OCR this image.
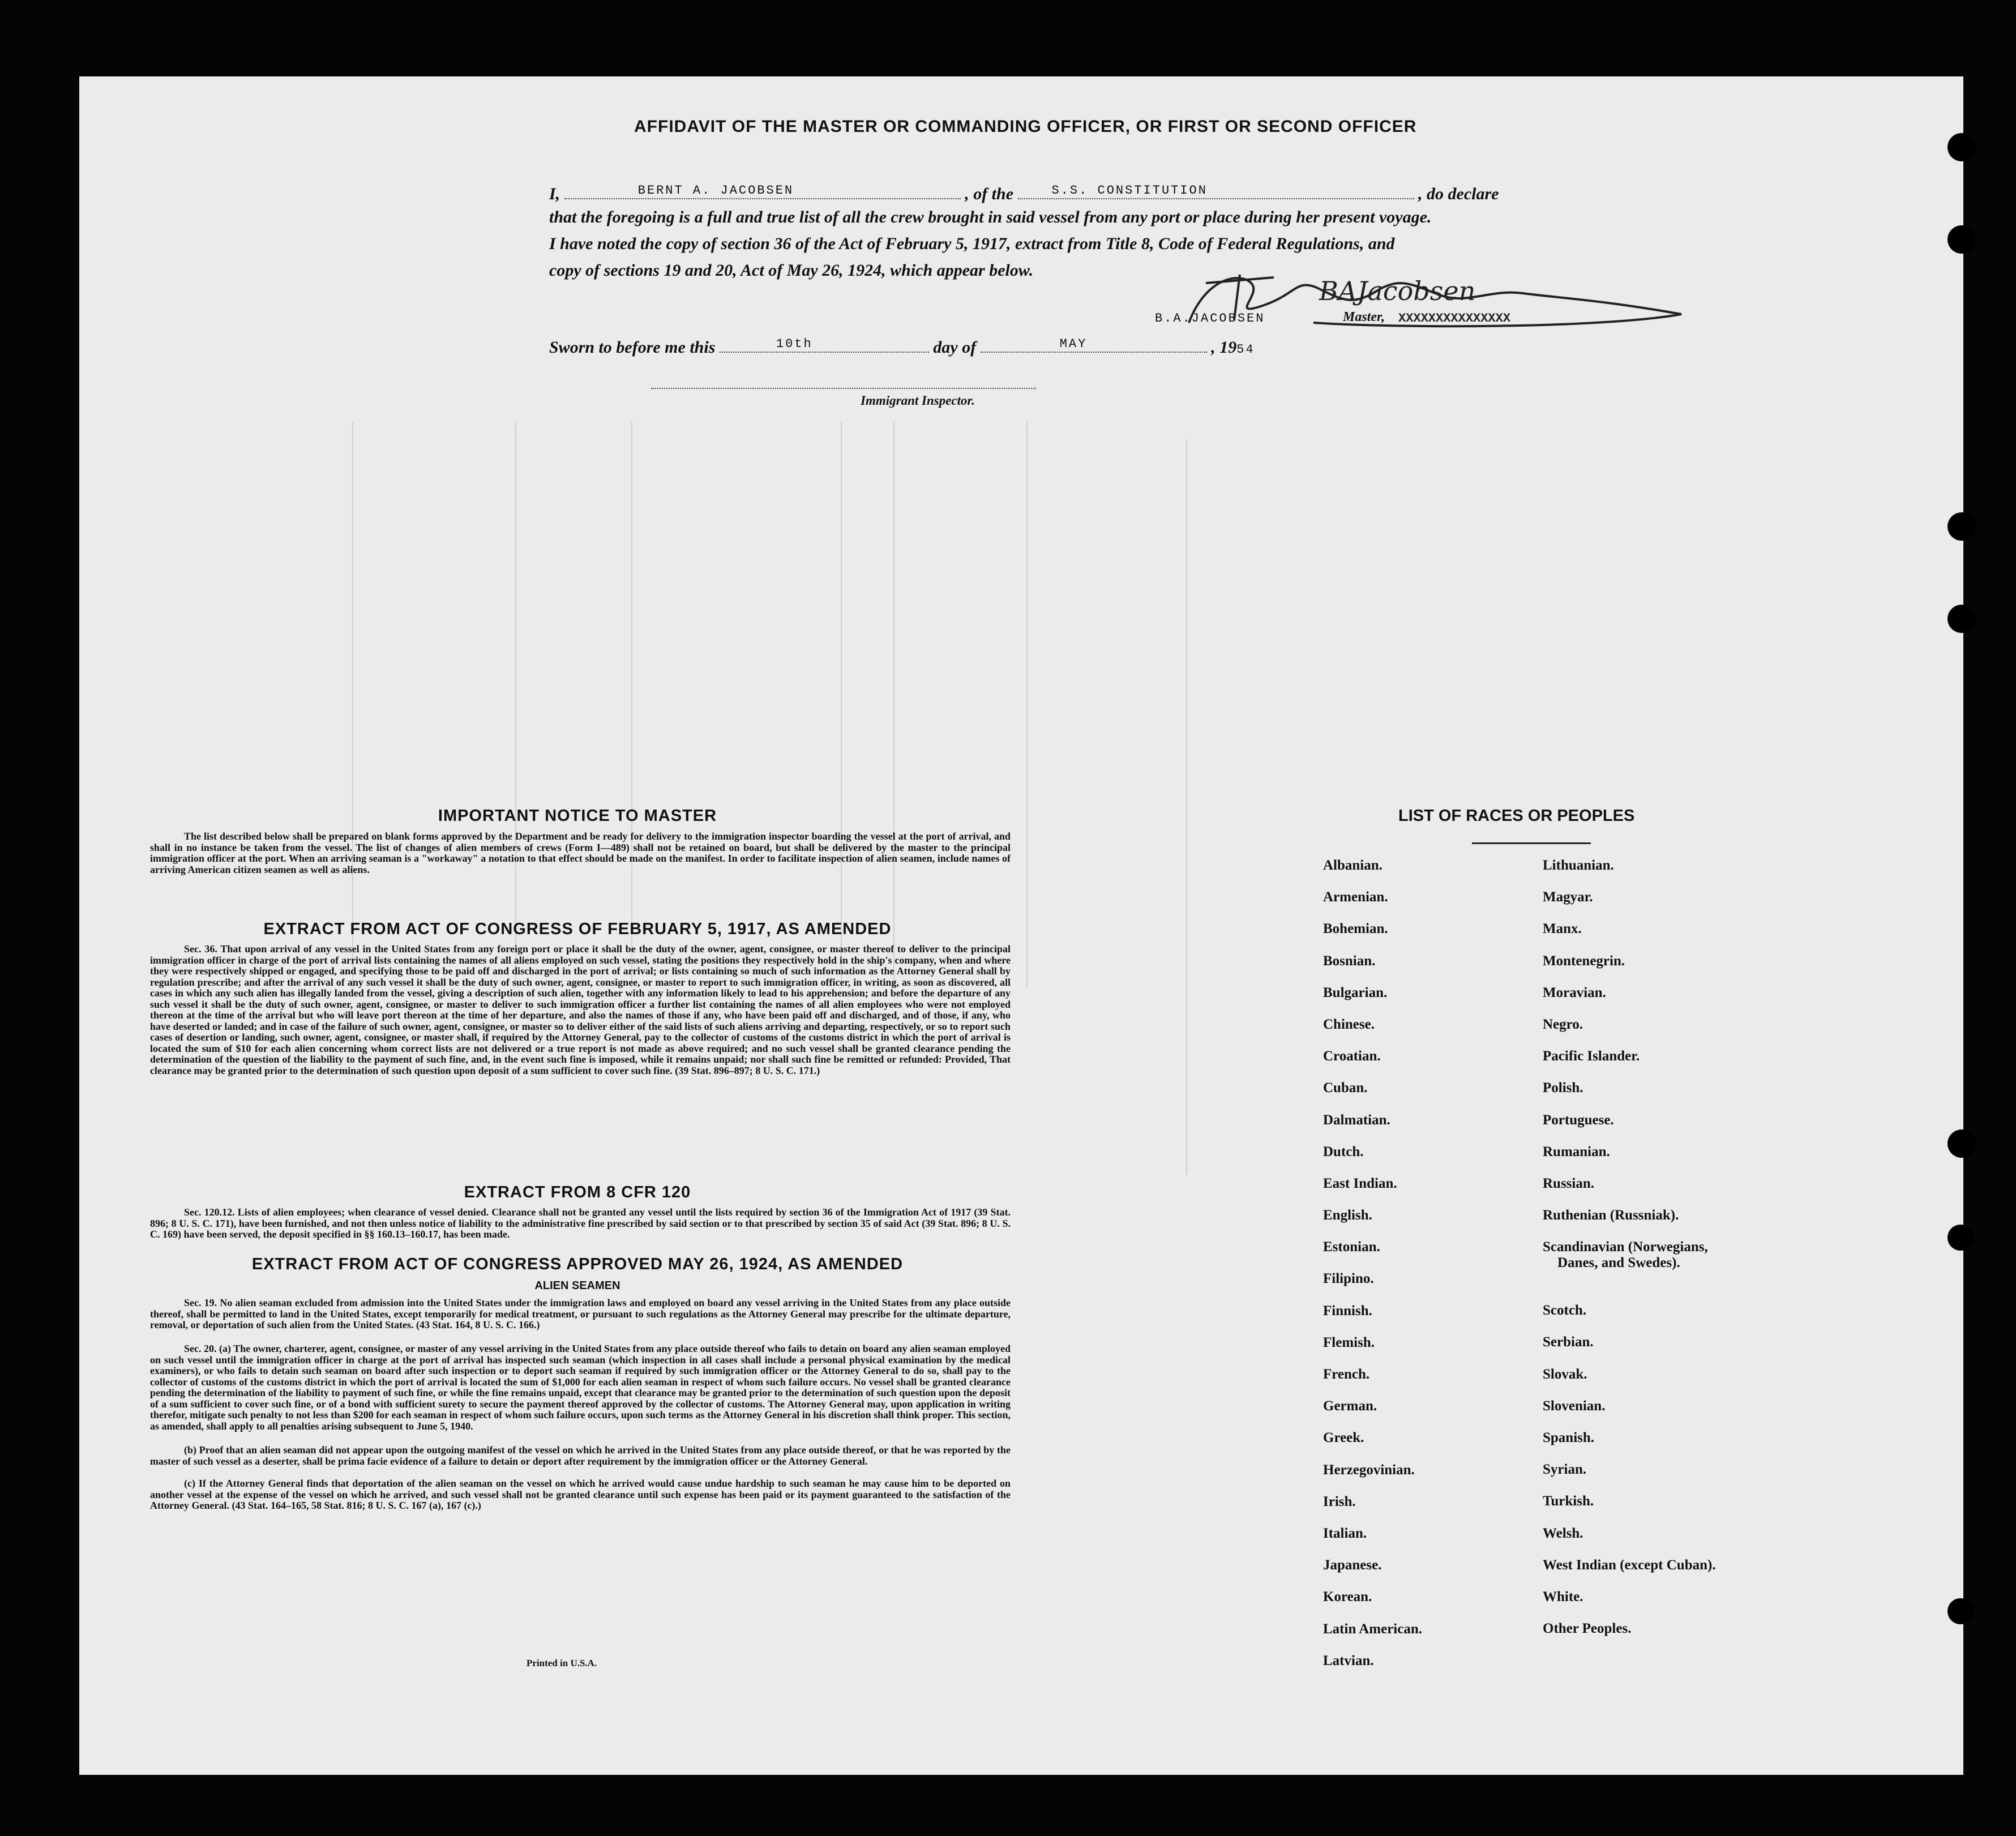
AFFIDAVIT OF THE MASTER OR COMMANDING OFFICER, OR FIRST OR SECOND OFFICER
I,	BERNT A. JACOBSEN	, of the	S.S. CONSTITUTION	, do declare
that the foregoing is a full and true list of all the crew brought in said vessel from any port or place during her present voyage.
I have noted the copy of section 36 of the Act of February 5, 1917, extract from Title 8, Code of Federal Regulations, and
copy of sections 19 and 20, Act of May 26, 1924, which appear below.
BAJacobsen
B.A.JACOBSEN	Master, XXXXXXXXXXXXXXX
Sworn to before me this	10th	day of	MAY	, 1954
Immigrant Inspector.
IMPORTANT NOTICE TO MASTER
The list described below shall be prepared on blank forms approved by the Department and be ready for delivery to the immigration inspector boarding the vessel at the port of arrival, and shall in no instance be taken from the vessel. The list of changes of alien members of crews (Form I—489) shall not be retained on board, but shall be delivered by the master to the principal immigration officer at the port. When an arriving seaman is a "workaway" a notation to that effect should be made on the manifest. In order to facilitate inspection of alien seamen, include names of arriving American citizen seamen as well as aliens.
EXTRACT FROM ACT OF CONGRESS OF FEBRUARY 5, 1917, AS AMENDED
Sec. 36. That upon arrival of any vessel in the United States from any foreign port or place it shall be the duty of the owner, agent, consignee, or master thereof to deliver to the principal immigration officer in charge of the port of arrival lists containing the names of all aliens employed on such vessel, stating the positions they respectively hold in the ship's company, when and where they were respectively shipped or engaged, and specifying those to be paid off and discharged in the port of arrival; or lists containing so much of such information as the Attorney General shall by regulation prescribe; and after the arrival of any such vessel it shall be the duty of such owner, agent, consignee, or master to report to such immigration officer, in writing, as soon as discovered, all cases in which any such alien has illegally landed from the vessel, giving a description of such alien, together with any information likely to lead to his apprehension; and before the departure of any such vessel it shall be the duty of such owner, agent, consignee, or master to deliver to such immigration officer a further list containing the names of all alien employees who were not employed thereon at the time of the arrival but who will leave port thereon at the time of her departure, and also the names of those if any, who have been paid off and discharged, and of those, if any, who have deserted or landed; and in case of the failure of such owner, agent, consignee, or master so to deliver either of the said lists of such aliens arriving and departing, respectively, or so to report such cases of desertion or landing, such owner, agent, consignee, or master shall, if required by the Attorney General, pay to the collector of customs of the customs district in which the port of arrival is located the sum of $10 for each alien concerning whom correct lists are not delivered or a true report is not made as above required; and no such vessel shall be granted clearance pending the determination of the question of the liability to the payment of such fine, and, in the event such fine is imposed, while it remains unpaid; nor shall such fine be remitted or refunded: Provided, That clearance may be granted prior to the determination of such question upon deposit of a sum sufficient to cover such fine. (39 Stat. 896–897; 8 U. S. C. 171.)
EXTRACT FROM 8 CFR 120
Sec. 120.12. Lists of alien employees; when clearance of vessel denied. Clearance shall not be granted any vessel until the lists required by section 36 of the Immigration Act of 1917 (39 Stat. 896; 8 U. S. C. 171), have been furnished, and not then unless notice of liability to the administrative fine prescribed by said section or to that prescribed by section 35 of said Act (39 Stat. 896; 8 U. S. C. 169) have been served, the deposit specified in §§ 160.13–160.17, has been made.
EXTRACT FROM ACT OF CONGRESS APPROVED MAY 26, 1924, AS AMENDED
ALIEN SEAMEN
Sec. 19. No alien seaman excluded from admission into the United States under the immigration laws and employed on board any vessel arriving in the United States from any place outside thereof, shall be permitted to land in the United States, except temporarily for medical treatment, or pursuant to such regulations as the Attorney General may prescribe for the ultimate departure, removal, or deportation of such alien from the United States. (43 Stat. 164, 8 U. S. C. 166.)
Sec. 20. (a) The owner, charterer, agent, consignee, or master of any vessel arriving in the United States from any place outside thereof who fails to detain on board any alien seaman employed on such vessel until the immigration officer in charge at the port of arrival has inspected such seaman (which inspection in all cases shall include a personal physical examination by the medical examiners), or who fails to detain such seaman on board after such inspection or to deport such seaman if required by such immigration officer or the Attorney General to do so, shall pay to the collector of customs of the customs district in which the port of arrival is located the sum of $1,000 for each alien seaman in respect of whom such failure occurs. No vessel shall be granted clearance pending the determination of the liability to payment of such fine, or while the fine remains unpaid, except that clearance may be granted prior to the determination of such question upon the deposit of a sum sufficient to cover such fine, or of a bond with sufficient surety to secure the payment thereof approved by the collector of customs. The Attorney General may, upon application in writing therefor, mitigate such penalty to not less than $200 for each seaman in respect of whom such failure occurs, upon such terms as the Attorney General in his discretion shall think proper. This section, as amended, shall apply to all penalties arising subsequent to June 5, 1940.
(b) Proof that an alien seaman did not appear upon the outgoing manifest of the vessel on which he arrived in the United States from any place outside thereof, or that he was reported by the master of such vessel as a deserter, shall be prima facie evidence of a failure to detain or deport after requirement by the immigration officer or the Attorney General.
(c) If the Attorney General finds that deportation of the alien seaman on the vessel on which he arrived would cause undue hardship to such seaman he may cause him to be deported on another vessel at the expense of the vessel on which he arrived, and such vessel shall not be granted clearance until such expense has been paid or its payment guaranteed to the satisfaction of the Attorney General. (43 Stat. 164–165, 58 Stat. 816; 8 U. S. C. 167 (a), 167 (c).)
Printed in U.S.A.
LIST OF RACES OR PEOPLES
Albanian.
Armenian.
Bohemian.
Bosnian.
Bulgarian.
Chinese.
Croatian.
Cuban.
Dalmatian.
Dutch.
East Indian.
English.
Estonian.
Filipino.
Finnish.
Flemish.
French.
German.
Greek.
Herzegovinian.
Irish.
Italian.
Japanese.
Korean.
Latin American.
Latvian.
Lithuanian.
Magyar.
Manx.
Montenegrin.
Moravian.
Negro.
Pacific Islander.
Polish.
Portuguese.
Rumanian.
Russian.
Ruthenian (Russniak).
Scandinavian (Norwegians,
Danes, and Swedes).
Scotch.
Serbian.
Slovak.
Slovenian.
Spanish.
Syrian.
Turkish.
Welsh.
West Indian (except Cuban).
White.
Other Peoples.
